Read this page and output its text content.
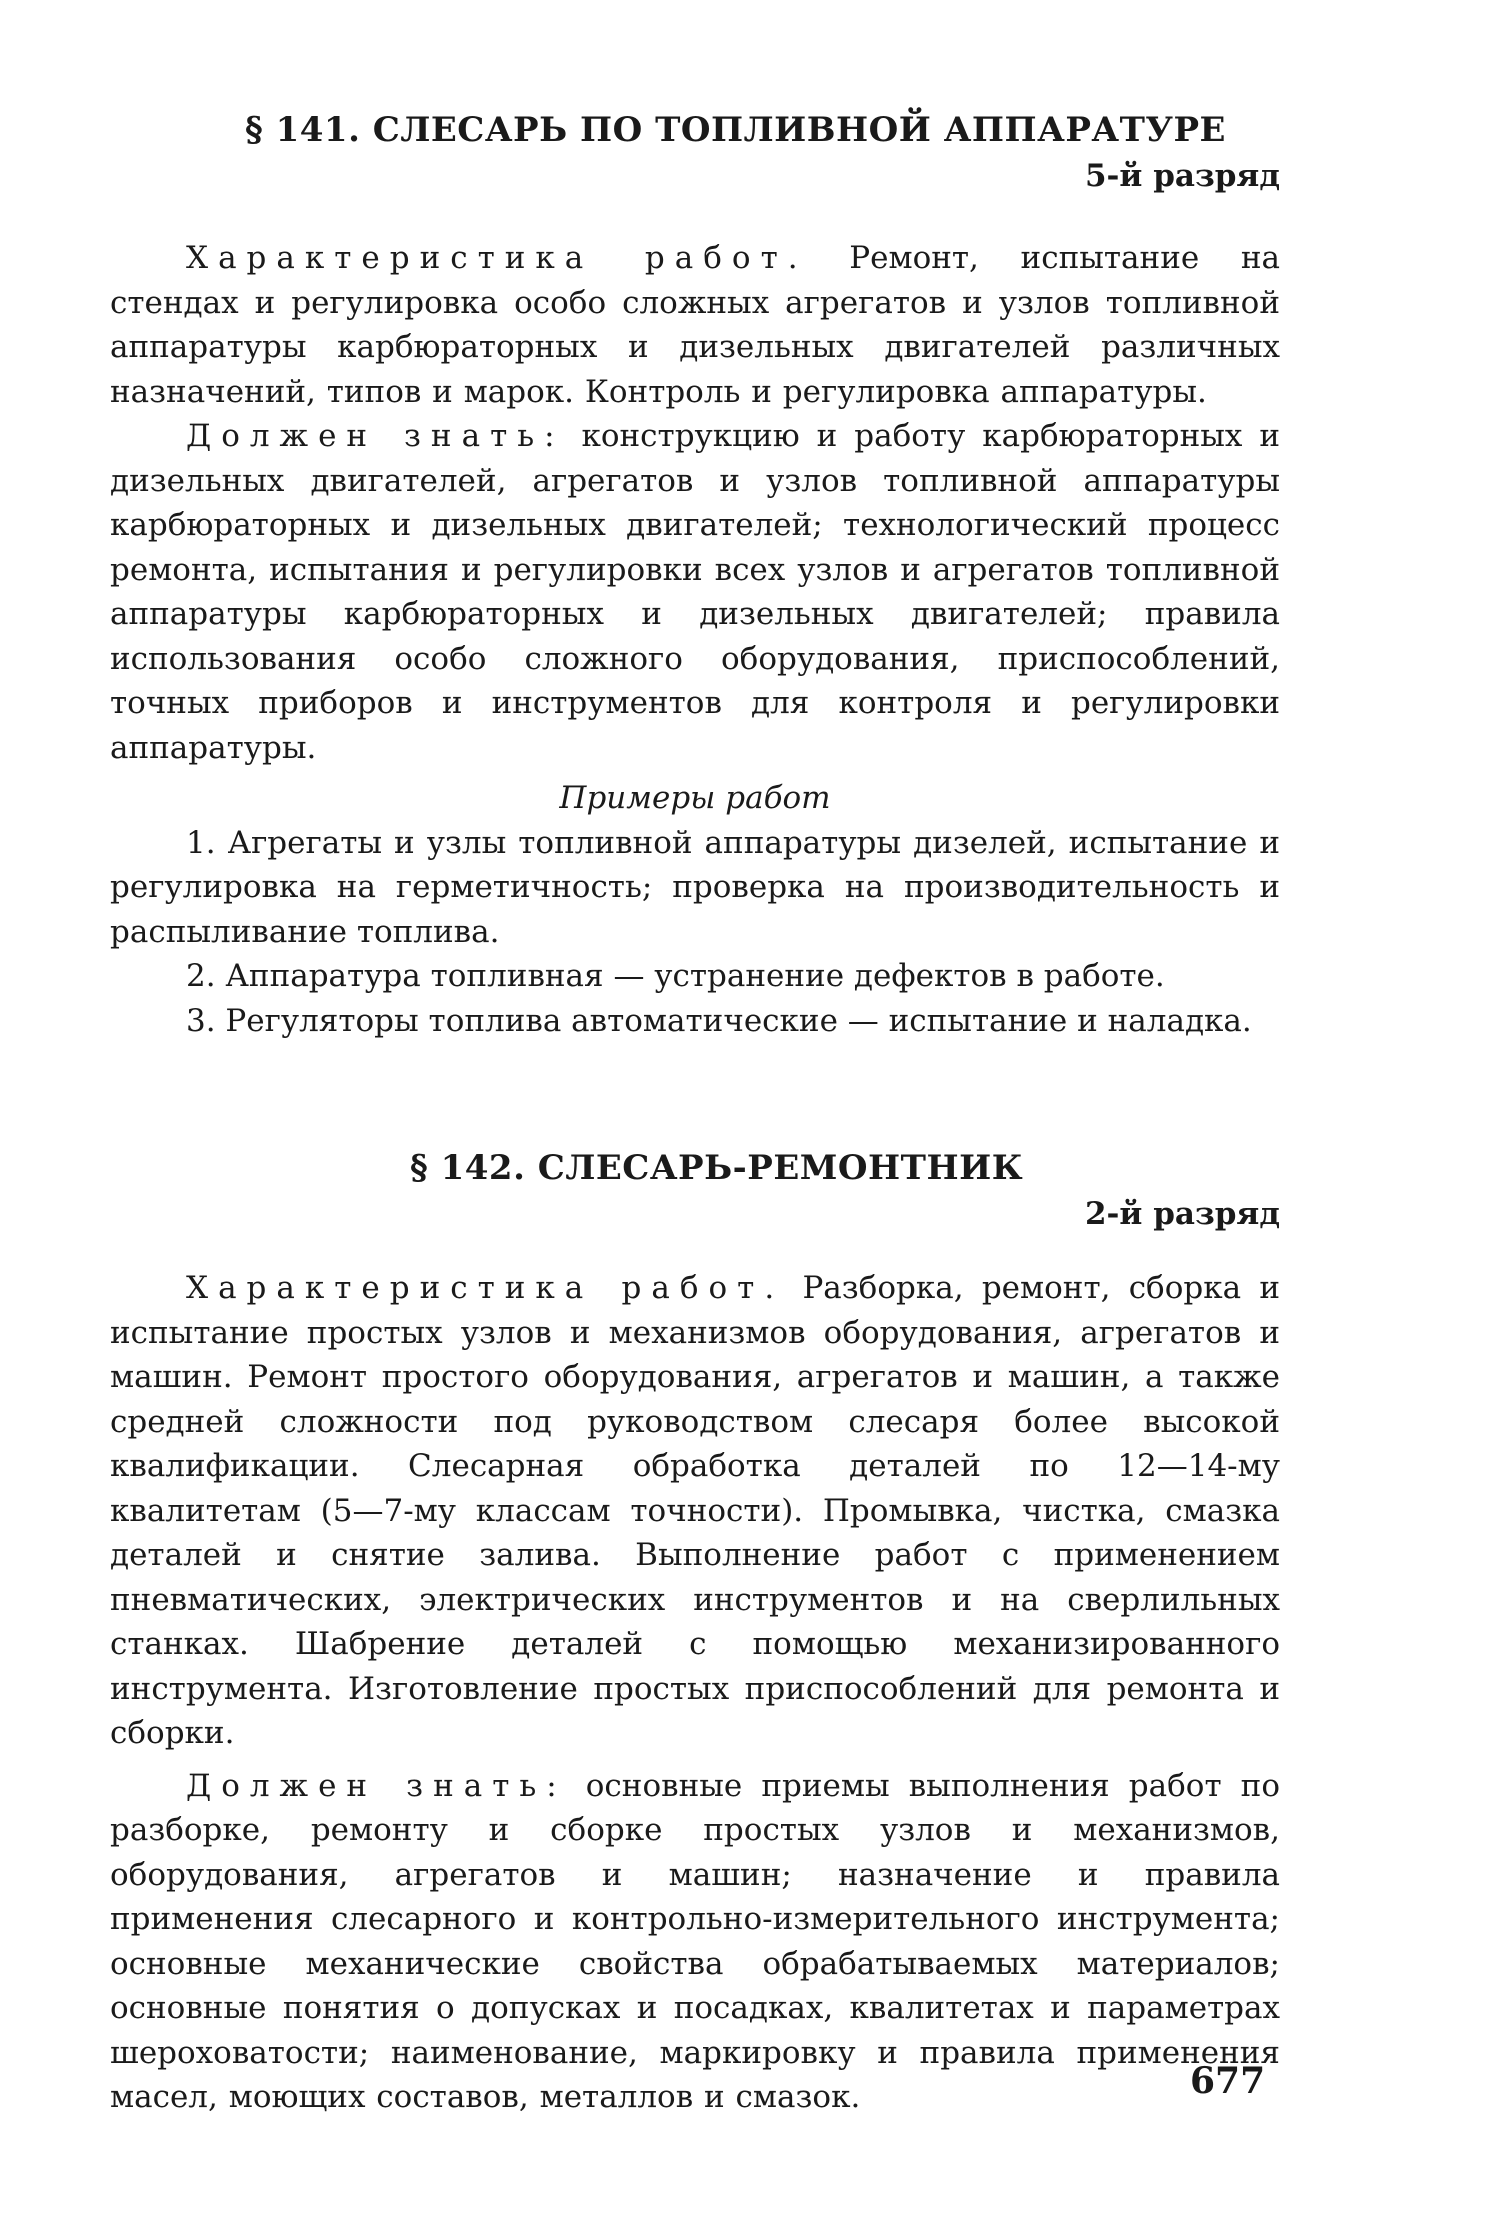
§ 141. СЛЕСАРЬ ПО ТОПЛИВНОЙ АППАРАТУРЕ

5-й разряд

Характеристика работ. Ремонт, испытание на стендах и регулировка особо сложных агрегатов и узлов топливной аппаратуры карбюраторных и дизельных двигателей различных назначений, типов и марок. Контроль и регулировка аппаратуры.

Должен знать: конструкцию и работу карбюраторных и дизельных двигателей, агрегатов и узлов топливной аппаратуры карбюраторных и дизельных двигателей; технологический процесс ремонта, испытания и регулировки всех узлов и агрегатов топливной аппаратуры карбюраторных и дизельных двигателей; правила использования особо сложного оборудования, приспособлений, точных приборов и инструментов для контроля и регулировки аппаратуры.

Примеры работ

1. Агрегаты и узлы топливной аппаратуры дизелей, испытание и регулировка на герметичность; проверка на производительность и распыливание топлива.

2. Аппаратура топливная — устранение дефектов в работе.

3. Регуляторы топлива автоматические — испытание и наладка.

§ 142. СЛЕСАРЬ-РЕМОНТНИК

2-й разряд

Характеристика работ. Разборка, ремонт, сборка и испытание простых узлов и механизмов оборудования, агрегатов и машин. Ремонт простого оборудования, агрегатов и машин, а также средней сложности под руководством слесаря более высокой квалификации. Слесарная обработка деталей по 12—14-му квалитетам (5—7-му классам точности). Промывка, чистка, смазка деталей и снятие залива. Выполнение работ с применением пневматических, электрических инструментов и на сверлильных станках. Шабрение деталей с помощью механизированного инструмента. Изготовление простых приспособлений для ремонта и сборки.

Должен знать: основные приемы выполнения работ по разборке, ремонту и сборке простых узлов и механизмов, оборудования, агрегатов и машин; назначение и правила применения слесарного и контрольно-измерительного инструмента; основные механические свойства обрабатываемых материалов; основные понятия о допусках и посадках, квалитетах и параметрах шероховатости; наименование, маркировку и правила применения масел, моющих составов, металлов и смазок.	677
